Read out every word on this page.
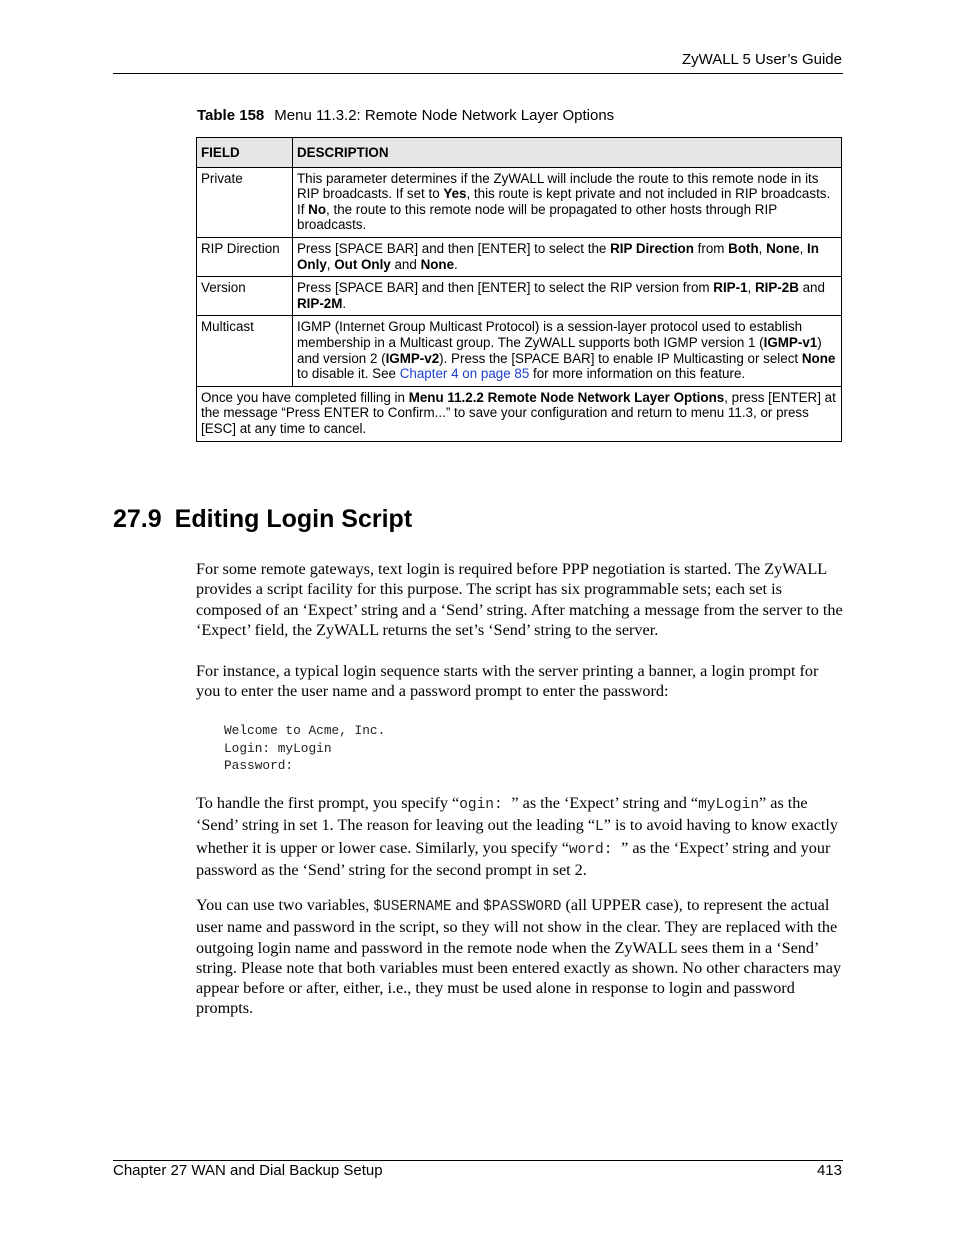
ZyWALL 5 User’s Guide
Table 158 Menu 11.3.2: Remote Node Network Layer Options
FIELD	DESCRIPTION
Private	This parameter determines if the ZyWALL will include the route to this remote node in its RIP broadcasts. If set to Yes, this route is kept private and not included in RIP broadcasts. If No, the route to this remote node will be propagated to other hosts through RIP broadcasts.
RIP Direction	Press [SPACE BAR] and then [ENTER] to select the RIP Direction from Both, None, In Only, Out Only and None.
Version	Press [SPACE BAR] and then [ENTER] to select the RIP version from RIP-1, RIP-2B and RIP-2M.
Multicast	IGMP (Internet Group Multicast Protocol) is a session-layer protocol used to establish membership in a Multicast group. The ZyWALL supports both IGMP version 1 (IGMP-v1) and version 2 (IGMP-v2). Press the [SPACE BAR] to enable IP Multicasting or select None to disable it. See Chapter 4 on page 85 for more information on this feature.
Once you have completed filling in Menu 11.2.2 Remote Node Network Layer Options, press [ENTER] at the message “Press ENTER to Confirm...” to save your configuration and return to menu 11.3, or press [ESC] at any time to cancel.	
27.9 Editing Login Script

For some remote gateways, text login is required before PPP negotiation is started. The ZyWALL provides a script facility for this purpose. The script has six programmable sets; each set is composed of an ‘Expect’ string and a ‘Send’ string. After matching a message from the server to the ‘Expect’ field, the ZyWALL returns the set’s ‘Send’ string to the server.

For instance, a typical login sequence starts with the server printing a banner, a login prompt for you to enter the user name and a password prompt to enter the password:

Welcome to Acme, Inc.
Login: myLogin
Password:

To handle the first prompt, you specify “ogin: ” as the ‘Expect’ string and “myLogin” as the ‘Send’ string in set 1. The reason for leaving out the leading “L” is to avoid having to know exactly whether it is upper or lower case. Similarly, you specify “word: ” as the ‘Expect’ string and your password as the ‘Send’ string for the second prompt in set 2.

You can use two variables, $USERNAME and $PASSWORD (all UPPER case), to represent the actual user name and password in the script, so they will not show in the clear. They are replaced with the outgoing login name and password in the remote node when the ZyWALL sees them in a ‘Send’ string. Please note that both variables must been entered exactly as shown. No other characters may appear before or after, either, i.e., they must be used alone in response to login and password prompts.

Chapter 27 WAN and Dial Backup Setup	413
